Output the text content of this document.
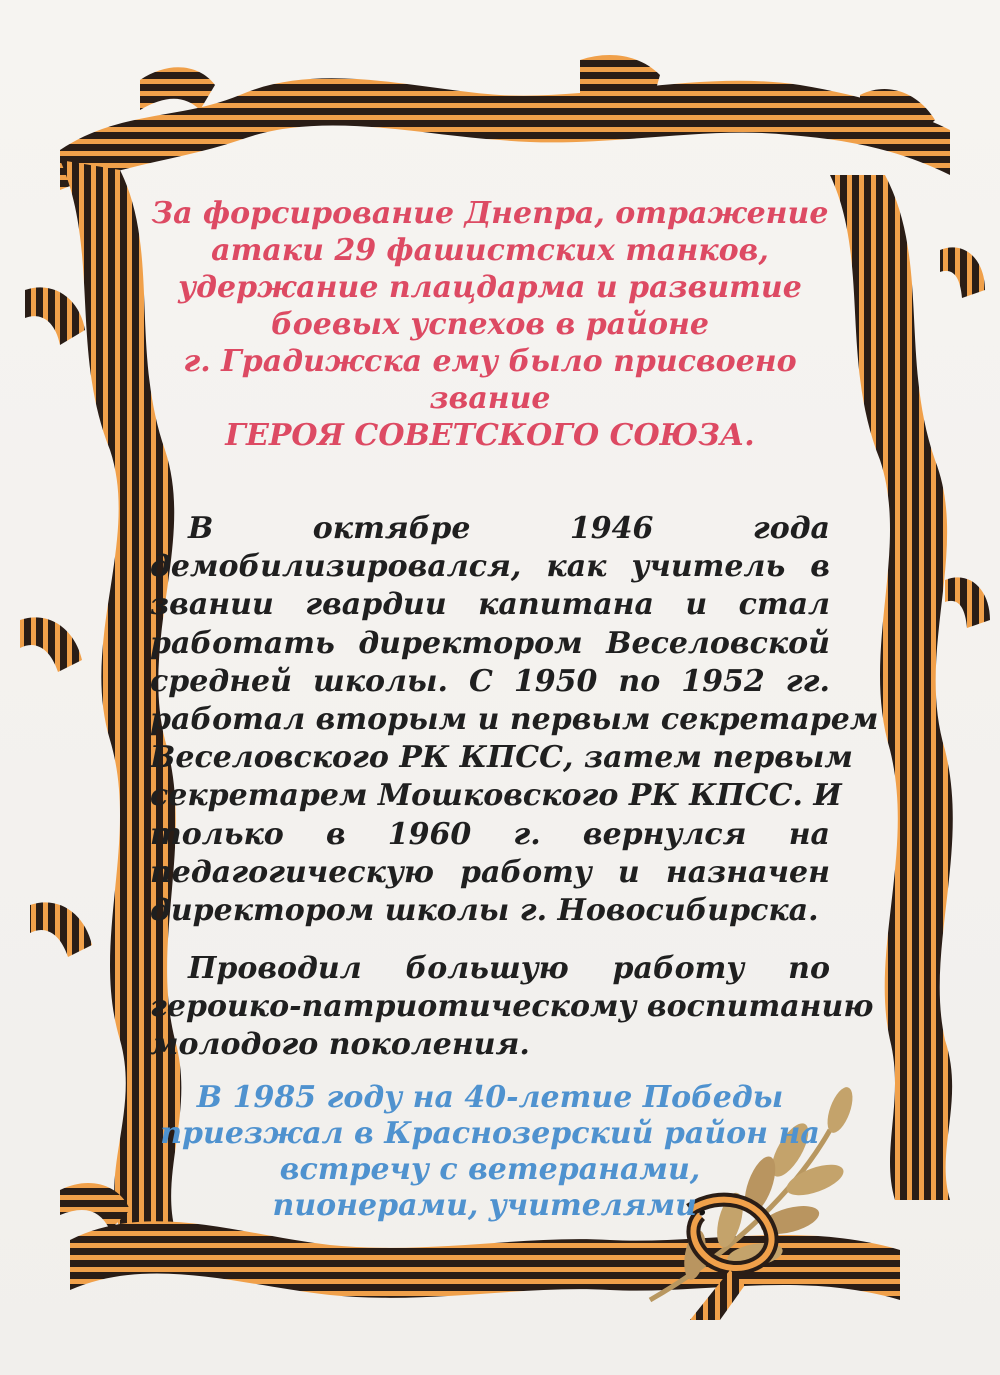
За форсирование Днепра, отражение
атаки 29 фашистских танков,
удержание плацдарма и развитие
боевых успехов в районе
г. Градижска ему было присвоено
звание
ГЕРОЯ СОВЕТСКОГО СОЮЗА.
В октябре 1946 года
демобилизировался, как учитель в
звании гвардии капитана и стал
работать директором Веселовской
средней школы. С 1950 по 1952 гг.
работал вторым и первым секретарем
Веселовского РК КПСС, затем первым
секретарем Мошковского РК КПСС. И
только в 1960 г. вернулся на
педагогическую работу и назначен
директором школы г. Новосибирска.
Проводил большую работу по
героико-патриотическому воспитанию
молодого поколения.
В 1985 году на 40-летие Победы
приезжал в Краснозерский район на
встречу с ветеранами,
пионерами, учителями.
